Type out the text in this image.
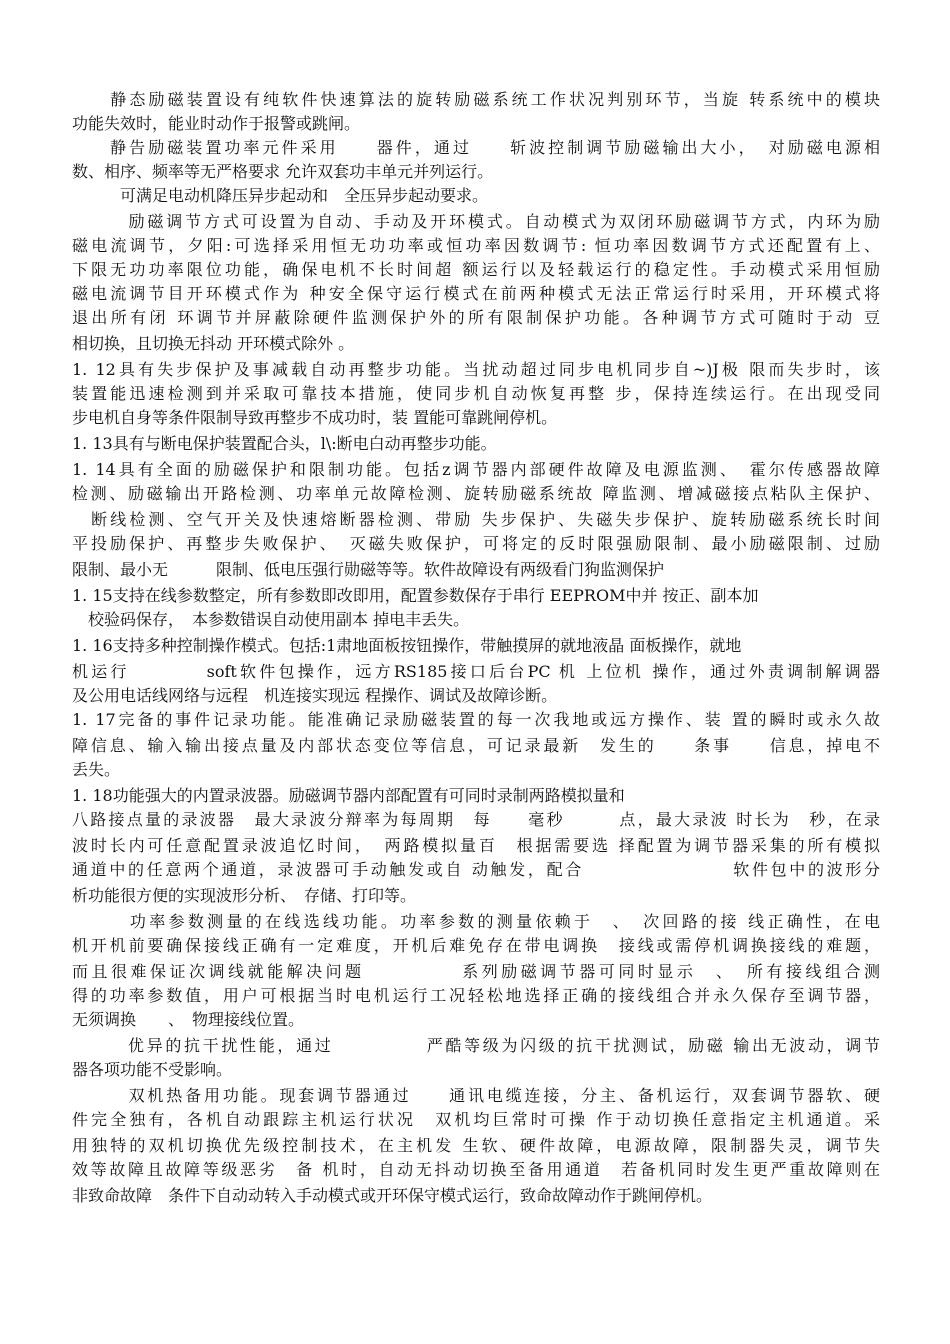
　　静态励磁装置设有纯软件快速算法的旋转励磁系统工作状况判别环节，当旋 转系统中的模块
功能失效时，能业时动作于报警或跳闸。
　　静告励磁装置功率元件采用　　器件，通过　　斩波控制调节励磁输出大小，　对励磁电源相
数、相序、频率等无严格要求 允许双套功丰单元并列运行。
　　　可满足电动机降压异步起动和　全压异步起动要求。
　　　励磁调节方式可设置为自动、手动及开环模式。自动模式为双闭环励磁调节方式，内环为励
磁电流调节，夕阳:可选择采用恒无功功率或恒功率因数调节: 恒功率因数调节方式还配置有上、
下限无功功率限位功能，确保电机不长时间超 额运行以及轻载运行的稳定性。手动模式采用恒励
磁电流调节目开环模式作为 种安全保守运行模式在前两种模式无法正常运行时采用，开环模式将
退出所有闭 环调节并屏蔽除硬件监测保护外的所有限制保护功能。各种调节方式可随时于动 豆
相切换，且切换无抖动 开环模式除外 。
1. 12具有失步保护及事减载自动再整步功能。当扰动超过同步电机同步自~)J极 限而失步时，该
装置能迅速检测到并采取可靠技本措施，使同步机自动恢复再整 步，保持连续运行。在出现受同
步电机自身等条件限制导致再整步不成功时，装 置能可靠跳闸停机。
1. 13具有与断电保护装置配合头，l\:断电白动再整步功能。
1. 14具有全面的励磁保护和限制功能。包括z调节器内部硬件故障及电源监测、　霍尔传感器故障
检测、励磁输出开路检测、功率单元故障检测、旋转励磁系统故 障监测、增减磁接点粘队主保护、
　断线检测、空气开关及快速熔断器检测、带励 失步保护、失磁失步保护、旋转励磁系统长时间
平投励保护、再整步失败保护、　灭磁失败保护，可将定的反时限强励限制、最小励磁限制、过励
限制、最小无　　　限制、低电压强行勋磁等等。软件故障设有两级看门狗监测保护
1. 15支持在线参数整定，所有参数即改即用，配置参数保存于串行 EEPROM中并 按正、副本加
　校验码保存，　本参数错误自动使用副本 掉电丰丢失。
1. 16支持多种控制操作模式。包括:1肃地面板按钮操作，带触摸屏的就地液晶 面板操作，就地
机运行　　　　soft软件包操作，远方RS185接口后台PC 机 上位机 操作，通过外责调制解调器
及公用电话线网络与远程　机连接实现远 程操作、调试及故障诊断。
1. 17完备的事件记录功能。能准确记录励磁装置的每一次我地或远方操作、装 置的瞬时或永久故
障信息、输入输出接点量及内部状态变位等信息，可记录最新　发生的　　条事　　信息，掉电不
丢失。
1. 18功能强大的内置录波器。励磁调节器内部配置有可同时录制两路模拟量和
八路接点量的录波器　最大录波分辩率为每周期　每　　毫秒　　　点，最大录波 时长为　秒，在录
波时长内可任意配置录波追忆时间，　两路模拟量百　根据需要选 择配置为调节器采集的所有模拟
通道中的任意两个通道，录波器可手动触发或自 动触发，配合　　　　　　　　软件包中的波形分
析功能很方便的实现波形分析、　存储、打印等。
　　　功率参数测量的在线选线功能。功率参数的测量依赖于　、　次回路的接 线正确性，在电
机开机前要确保接线正确有一定难度，开机后难免存在带电调换　接线或需停机调换接线的难题，
而且很难保证次调线就能解决问题　　　　　系列励磁调节器可同时显示　、　所有接线组合测
得的功率参数值，用户可根据当时电机运行工况轻松地选择正确的接线组合并永久保存至调节器，
无须调换　　、　物理接线位置。
　　　优异的抗干扰性能，通过　　　　　严酷等级为闪级的抗干扰测试，励磁 输出无波动，调节
器各项功能不受影响。
　　　双机热备用功能。现套调节器通过　　通讯电缆连接，分主、备机运行，双套调节器软、硬
件完全独有，各机自动跟踪主机运行状况　双机均巨常时可操 作于动切换任意指定主机通道。采
用独特的双机切换优先级控制技术，在主机发 生软、硬件故障，电源故障，限制器失灵，调节失
效等故障且故障等级恶劣　备 机时，自动无抖动切换至备用通道　若备机同时发生更严重故障则在
非致命故障　条件下自动动转入手动模式或开环保守模式运行，致命故障动作于跳闸停机。
